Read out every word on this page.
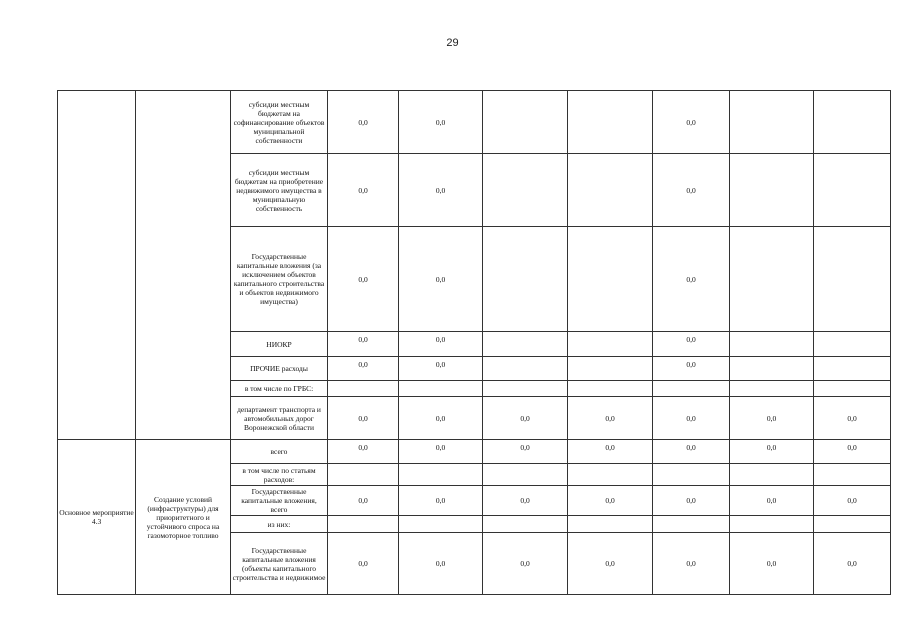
29
		субсидии местным бюджетам на софинансирование объектов муниципальной собственности	0,0	0,0			0,0		
		субсидии местным бюджетам на приобретение недвижимого имущества в муниципальную собственность	0,0	0,0			0,0		
		Государственные капитальные вложения (за исключением объектов капитального строительства и объектов недвижимого имущества)	0,0	0,0			0,0		
		НИОКР	0,0	0,0			0,0		
		ПРОЧИЕ расходы	0,0	0,0			0,0		
		в том числе по ГРБС:							
		департамент транспорта и автомобильных дорог Воронежской области	0,0	0,0	0,0	0,0	0,0	0,0	0,0
Основное мероприятие 4.3	Создание условий (инфраструктуры) для приоритетного и устойчивого спроса на газомоторное топливо	всего	0,0	0,0	0,0	0,0	0,0	0,0	0,0
		в том числе по статьям расходов:							
		Государственные капитальные вложения, всего	0,0	0,0	0,0	0,0	0,0	0,0	0,0
		из них:							
		Государственные капитальные вложения (объекты капитального строительства и недвижимое	0,0	0,0	0,0	0,0	0,0	0,0	0,0
